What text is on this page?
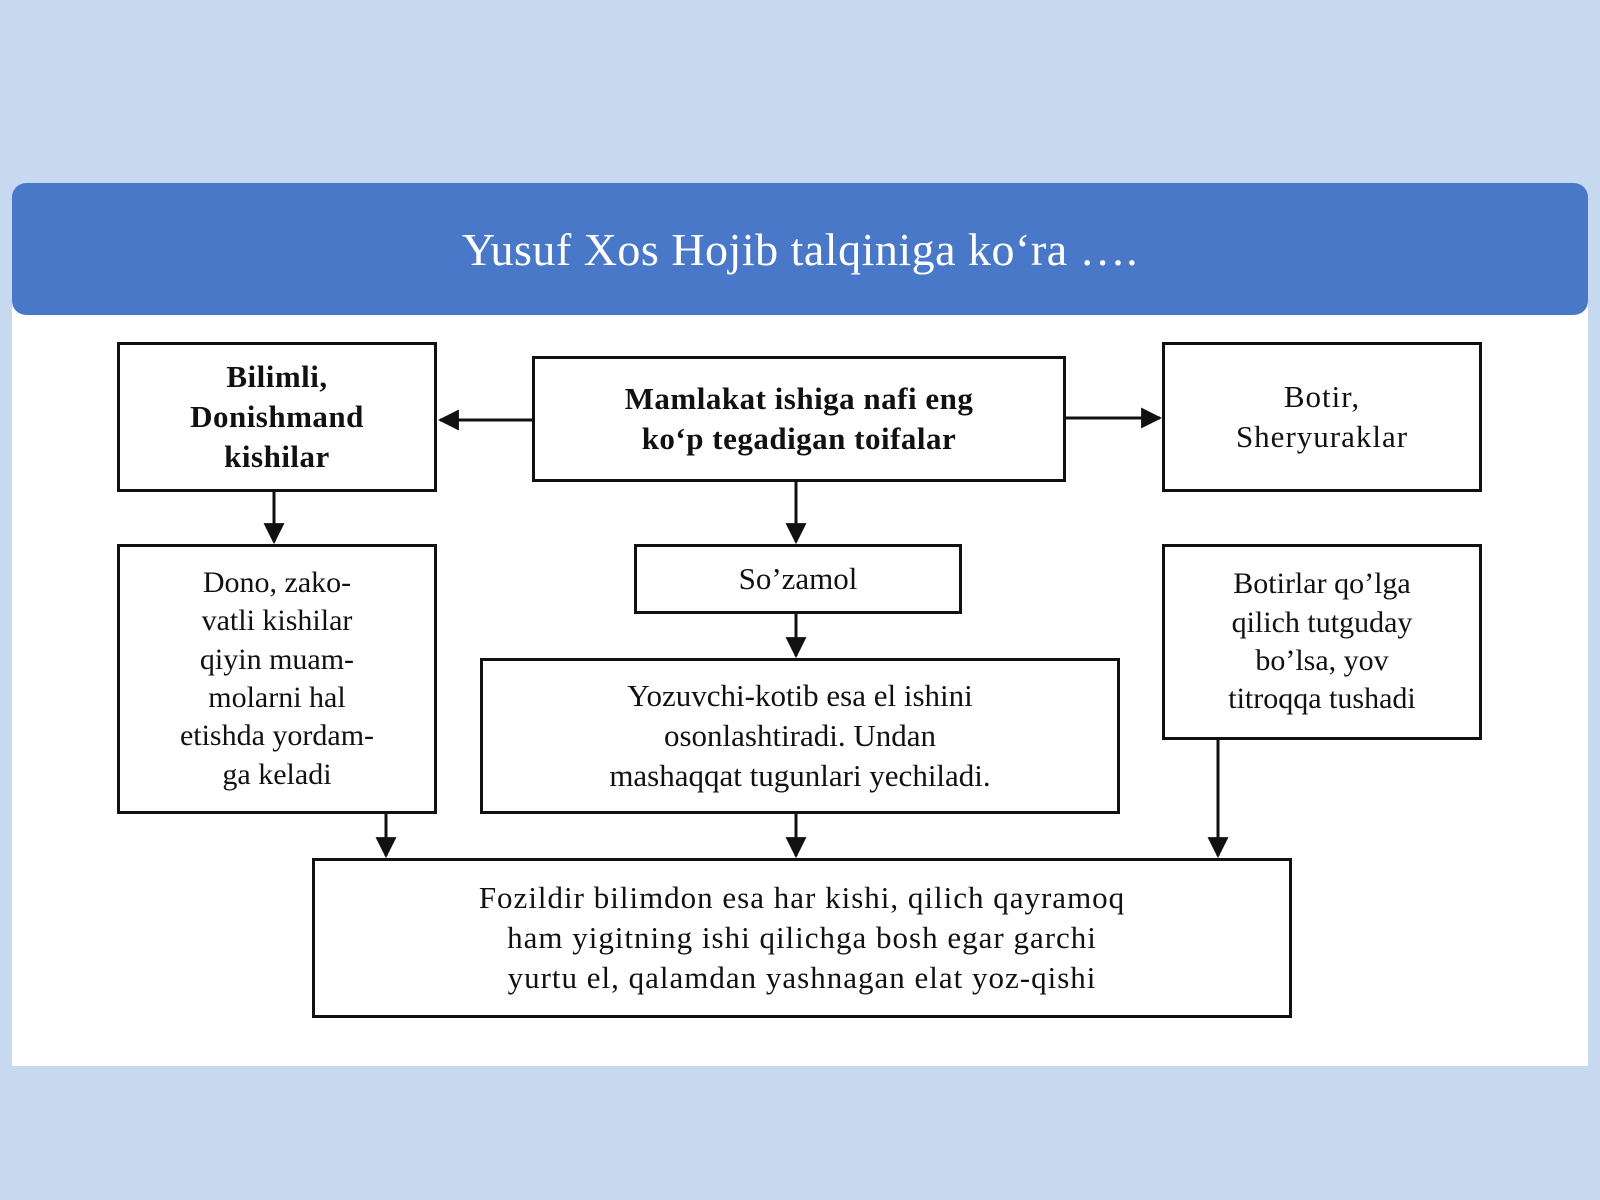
Yusuf Xos Hojib talqiniga ko‘ra ….
Bilimli,
Donishmand
kishilar
Mamlakat ishiga nafi eng
ko‘p tegadigan toifalar
Botir,
Sheryuraklar
Dono, zako-
vatli kishilar
qiyin muam-
molarni hal
etishda yordam-
ga keladi
So’zamol
Yozuvchi-kotib esa el ishini
osonlashtiradi. Undan
mashaqqat tugunlari yechiladi.
Botirlar qo’lga
qilich tutguday
bo’lsa, yov
titroqqa tushadi
Fozildir bilimdon esa har kishi, qilich qayramoq
ham yigitning ishi qilichga bosh egar garchi
yurtu el, qalamdan yashnagan elat yoz-qishi
